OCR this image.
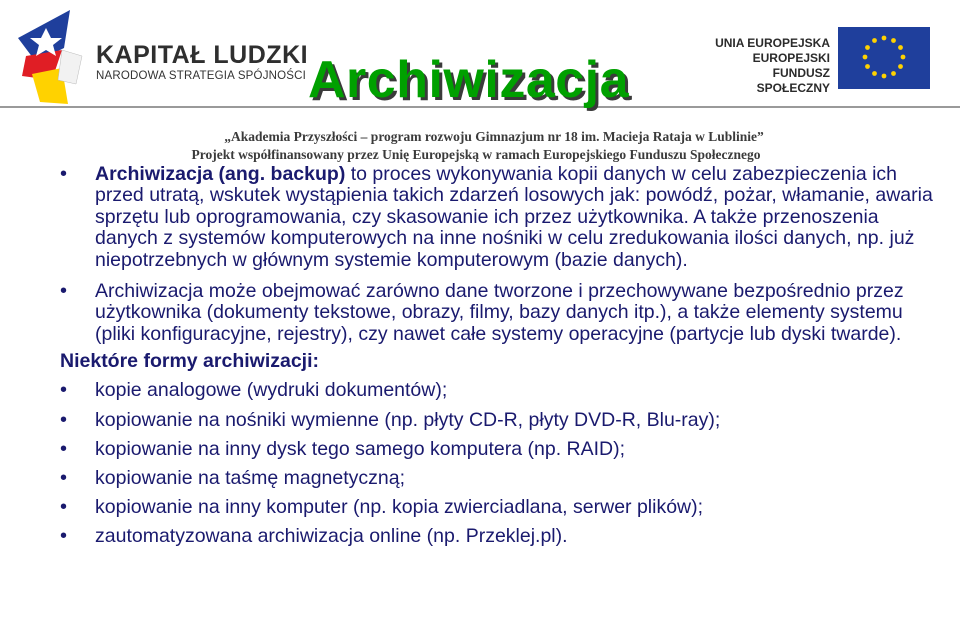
KAPITAŁ LUDZKI
NARODOWA STRATEGIA SPÓJNOŚCI
UNIA EUROPEJSKA
EUROPEJSKI
FUNDUSZ SPOŁECZNY
Archiwizacja
„Akademia Przyszłości – program rozwoju Gimnazjum nr 18 im. Macieja Rataja w Lublinie”
Projekt współfinansowany przez Unię Europejską w ramach Europejskiego Funduszu Społecznego
• Archiwizacja (ang. backup) to proces wykonywania kopii danych w celu zabezpieczenia ich przed utratą, wskutek wystąpienia takich zdarzeń losowych jak: powódź, pożar, włamanie, awaria sprzętu lub oprogramowania, czy skasowanie ich przez użytkownika. A także przenoszenia danych z systemów komputerowych na inne nośniki w celu zredukowania ilości danych, np. już niepotrzebnych w głównym systemie komputerowym (bazie danych).
• Archiwizacja może obejmować zarówno dane tworzone i przechowywane bezpośrednio przez użytkownika (dokumenty tekstowe, obrazy, filmy, bazy danych itp.), a także elementy systemu (pliki konfiguracyjne, rejestry), czy nawet całe systemy operacyjne (partycje lub dyski twarde).
Niektóre formy archiwizacji:
• kopie analogowe (wydruki dokumentów);
• kopiowanie na nośniki wymienne (np. płyty CD-R, płyty DVD-R, Blu-ray);
• kopiowanie na inny dysk tego samego komputera (np. RAID);
• kopiowanie na taśmę magnetyczną;
• kopiowanie na inny komputer (np. kopia zwierciadlana, serwer plików);
• zautomatyzowana archiwizacja online (np. Przeklej.pl).
